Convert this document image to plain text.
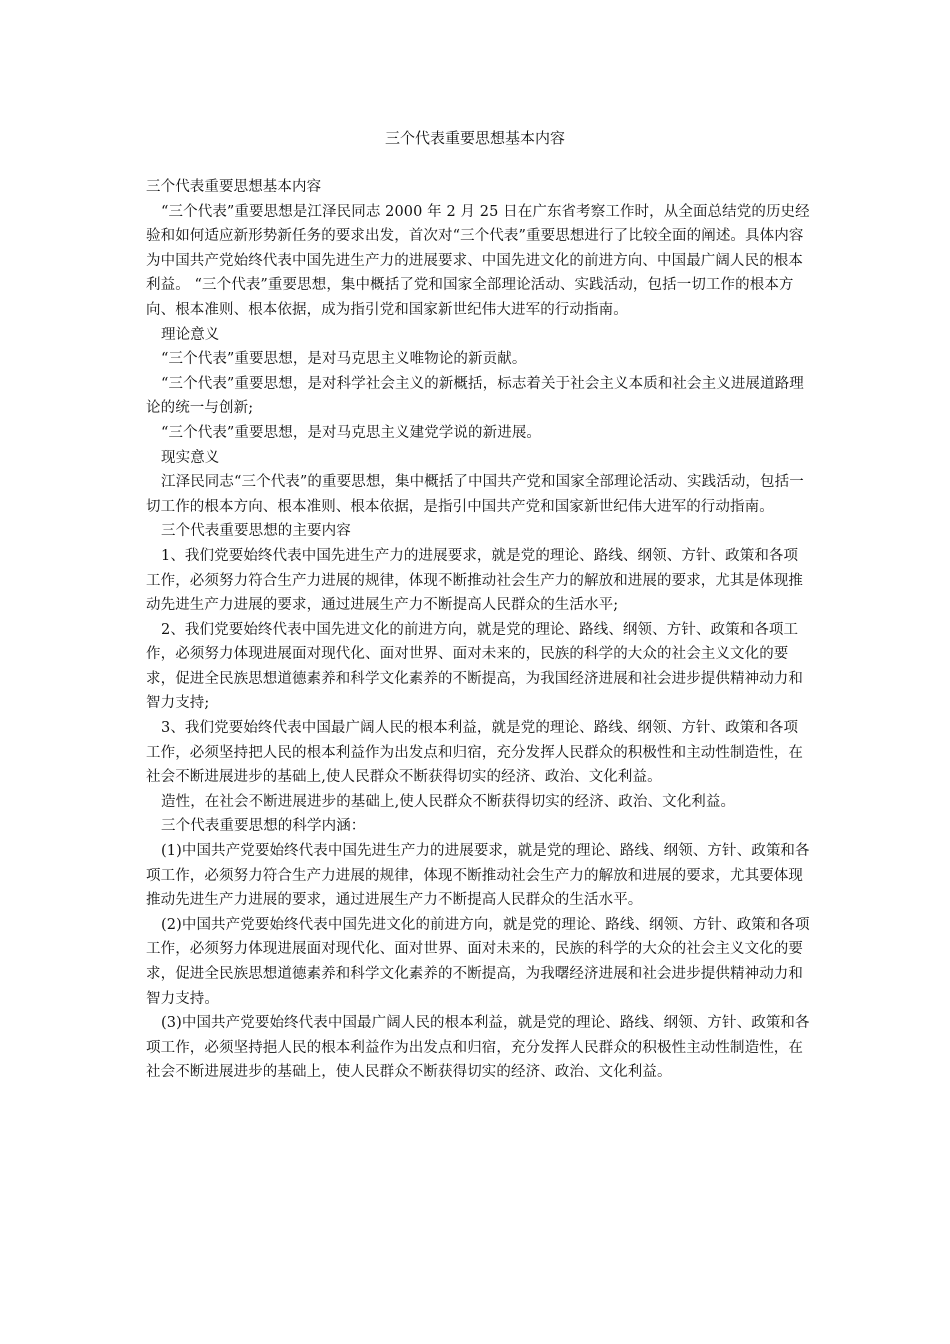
三个代表重要思想基本内容

三个代表重要思想基本内容

“三个代表”重要思想是江泽民同志 2000 年 2 月 25 日在广东省考察工作时，从全面总结党的历史经验和如何适应新形势新任务的要求出发，首次对“三个代表”重要思想进行了比较全面的阐述。具体内容为中国共产党始终代表中国先进生产力的进展要求、中国先进文化的前进方向、中国最广阔人民的根本利益。 “三个代表”重要思想，集中概括了党和国家全部理论活动、实践活动，包括一切工作的根本方向、根本准则、根本依据，成为指引党和国家新世纪伟大进军的行动指南。

理论意义

“三个代表”重要思想，是对马克思主义唯物论的新贡献。

“三个代表”重要思想，是对科学社会主义的新概括，标志着关于社会主义本质和社会主义进展道路理论的统一与创新;

“三个代表”重要思想，是对马克思主义建党学说的新进展。

现实意义

江泽民同志“三个代表”的重要思想，集中概括了中国共产党和国家全部理论活动、实践活动，包括一切工作的根本方向、根本准则、根本依据，是指引中国共产党和国家新世纪伟大进军的行动指南。

三个代表重要思想的主要内容

1、我们党要始终代表中国先进生产力的进展要求，就是党的理论、路线、纲领、方针、政策和各项工作，必须努力符合生产力进展的规律，体现不断推动社会生产力的解放和进展的要求，尤其是体现推动先进生产力进展的要求，通过进展生产力不断提高人民群众的生活水平;

2、我们党要始终代表中国先进文化的前进方向，就是党的理论、路线、纲领、方针、政策和各项工作，必须努力体现进展面对现代化、面对世界、面对未来的，民族的科学的大众的社会主义文化的要求，促进全民族思想道德素养和科学文化素养的不断提高，为我国经济进展和社会进步提供精神动力和智力支持;

3、我们党要始终代表中国最广阔人民的根本利益，就是党的理论、路线、纲领、方针、政策和各项工作，必须坚持把人民的根本利益作为出发点和归宿，充分发挥人民群众的积极性和主动性制造性，在社会不断进展进步的基础上,使人民群众不断获得切实的经济、政治、文化利益。

造性，在社会不断进展进步的基础上,使人民群众不断获得切实的经济、政治、文化利益。

三个代表重要思想的科学内涵：

(1)中国共产党要始终代表中国先进生产力的进展要求，就是党的理论、路线、纲领、方针、政策和各项工作，必须努力符合生产力进展的规律，体现不断推动社会生产力的解放和进展的要求，尤其要体现推动先进生产力进展的要求，通过进展生产力不断提高人民群众的生活水平。

(2)中国共产党要始终代表中国先进文化的前进方向，就是党的理论、路线、纲领、方针、政策和各项工作，必须努力体现进展面对现代化、面对世界、面对未来的，民族的科学的大众的社会主义文化的要求，促进全民族思想道德素养和科学文化素养的不断提高，为我曙经济进展和社会进步提供精神动力和智力支持。

(3)中国共产党要始终代表中国最广阔人民的根本利益，就是党的理论、路线、纲领、方针、政策和各项工作，必须坚持挹人民的根本利益作为出发点和归宿，充分发挥人民群众的积极性主动性制造性，在社会不断进展进步的基础上，使人民群众不断获得切实的经济、政治、文化利益。
